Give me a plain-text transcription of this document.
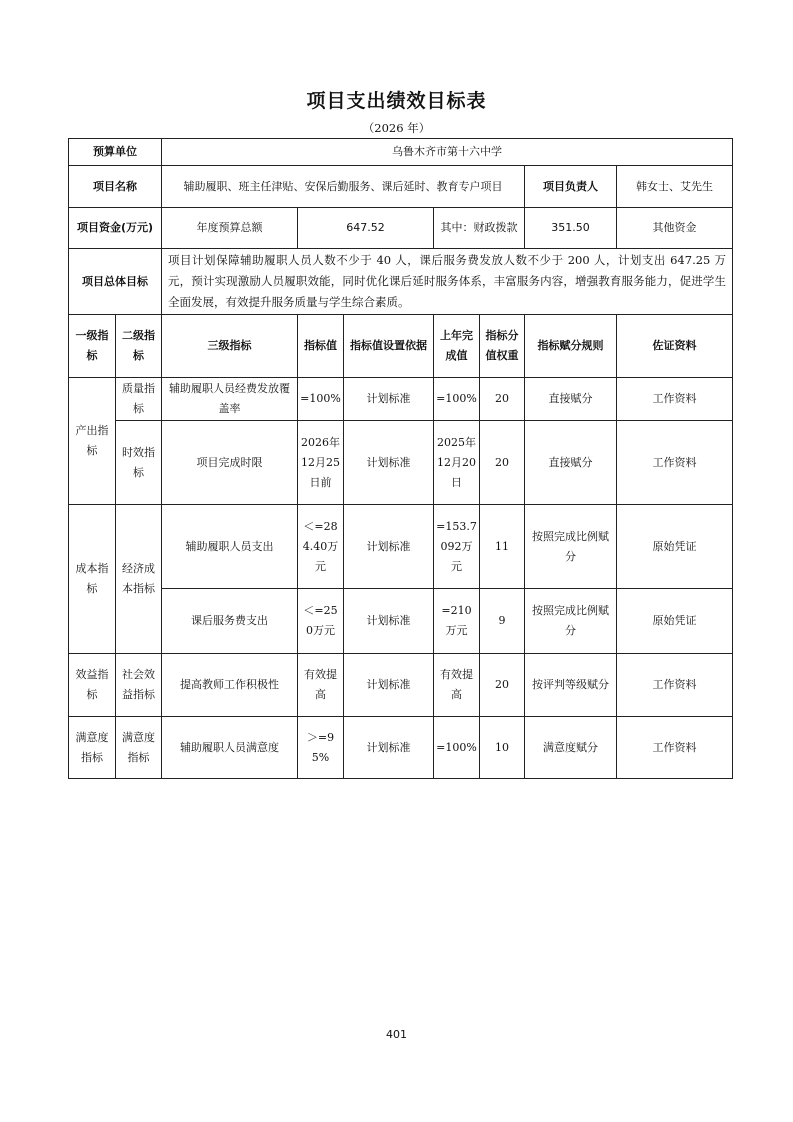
项目支出绩效目标表
（2026 年）
预算单位		乌鲁木齐市第十六中学							
项目名称		辅助履职、班主任津贴、安保后勤服务、课后延时、教育专户项目					项目负责人	韩女士、艾先生	
项目资金(万元)		年度预算总额	647.52		其中：财政拨款		351.50	其他资金	
项目总体目标		项目计划保障辅助履职人员人数不少于 40 人，课后服务费发放人数不少于 200 人，计划支出 647.25 万元，预计实现激励人员履职效能，同时优化课后延时服务体系，丰富服务内容，增强教育服务能力，促进学生全面发展，有效提升服务质量与学生综合素质。							
一级指标	二级指标	三级指标	指标值	指标值设置依据	上年完成值	指标分值权重	指标赋分规则	佐证资料	
产出指标	质量指标	辅助履职人员经费发放覆盖率	=100%	计划标准	=100%	20	直接赋分	工作资料	
	时效指标	项目完成时限	2026年12月25日前	计划标准	2025年12月20日	20	直接赋分	工作资料	
成本指标	经济成本指标	辅助履职人员支出	＜=284.40万元	计划标准	=153.7092万元	11	按照完成比例赋分	原始凭证	
		课后服务费支出	＜=250万元	计划标准	=210万元	9	按照完成比例赋分	原始凭证	
效益指标	社会效益指标	提高教师工作积极性	有效提高	计划标准	有效提高	20	按评判等级赋分	工作资料	
满意度指标	满意度指标	辅助履职人员满意度	＞=95%	计划标准	=100%	10	满意度赋分	工作资料	
401
